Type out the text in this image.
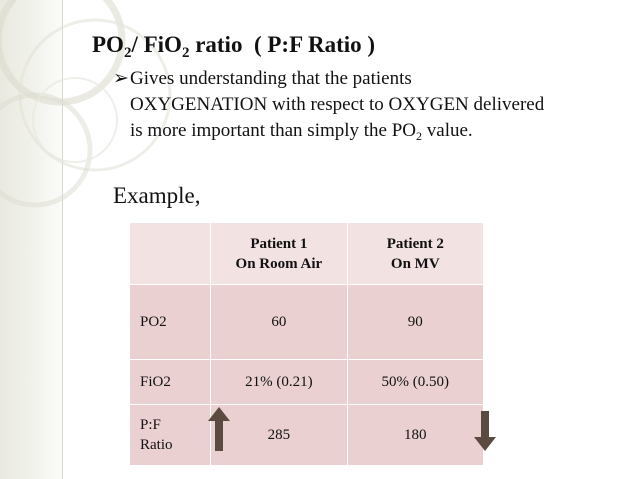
$PO_2/$ FiO$_2$ ratio  ( P:F Ratio )
➢ Gives understanding that the patients
OXYGENATION with respect to OXYGEN delivered
is more important than simply the $PO_2$ value.
Example,

	Patient 1
On Room Air	Patient 2
On MV

PO2	60	90
FiO2	21% (0.21)	50% (0.50)

P:F
Ratio	285	180
